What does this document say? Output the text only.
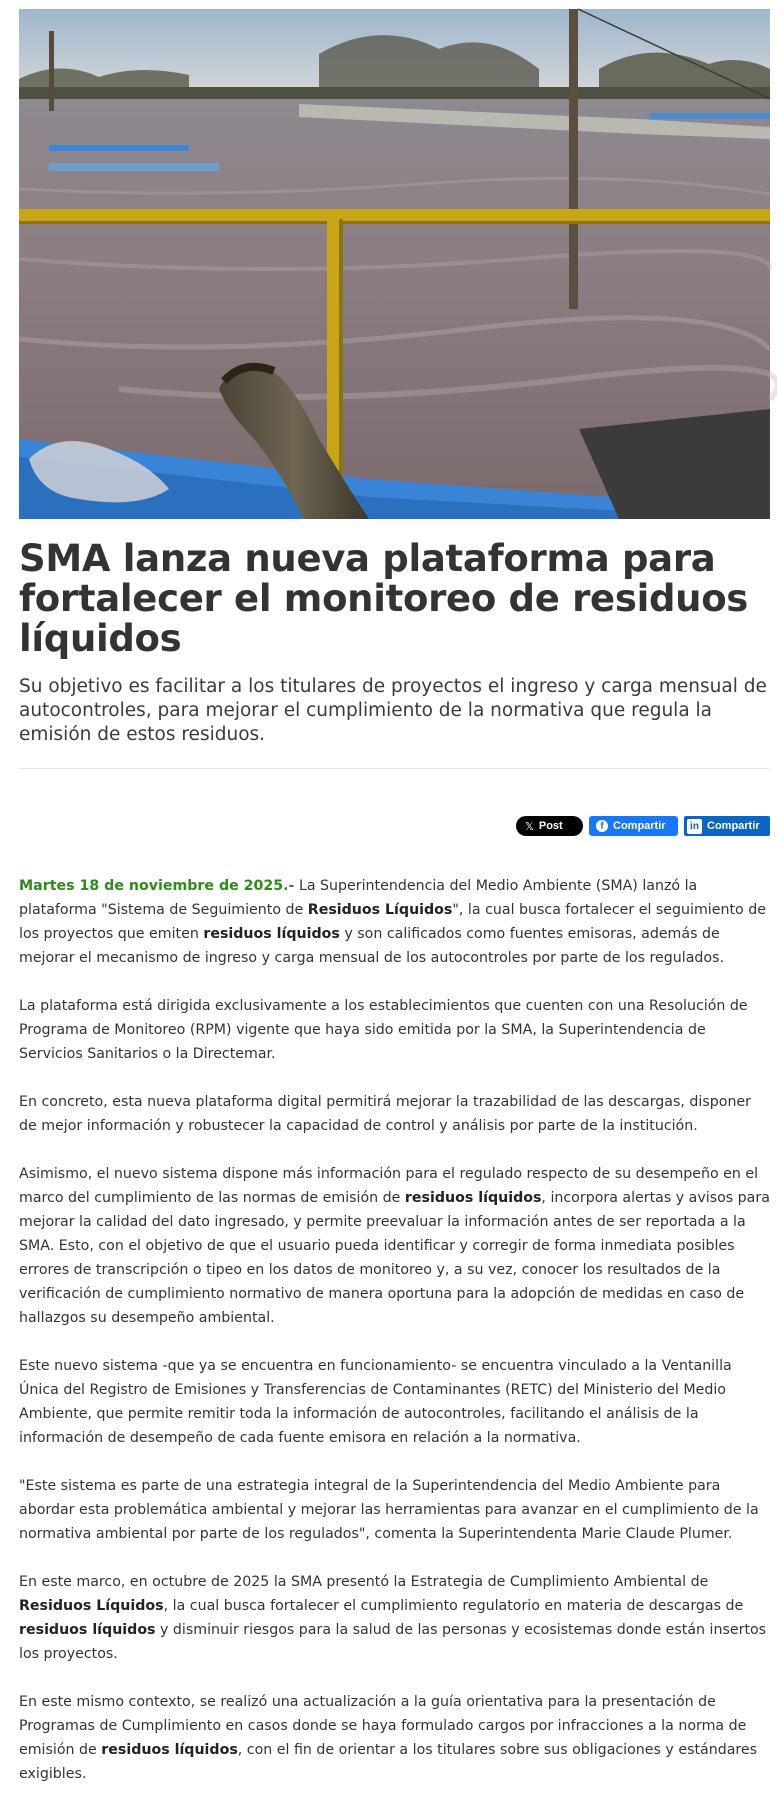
SMA lanza nueva plataforma para fortalecer el monitoreo de residuos líquidos

Su objetivo es facilitar a los titulares de proyectos el ingreso y carga mensual de autocontroles, para mejorar el cumplimiento de la normativa que regula la emisión de estos residuos.

𝕏 Post	f Compartir	in Compartir

Martes 18 de noviembre de 2025.- La Superintendencia del Medio Ambiente (SMA) lanzó la plataforma "Sistema de Seguimiento de Residuos Líquidos", la cual busca fortalecer el seguimiento de los proyectos que emiten residuos líquidos y son calificados como fuentes emisoras, además de mejorar el mecanismo de ingreso y carga mensual de los autocontroles por parte de los regulados.

La plataforma está dirigida exclusivamente a los establecimientos que cuenten con una Resolución de Programa de Monitoreo (RPM) vigente que haya sido emitida por la SMA, la Superintendencia de Servicios Sanitarios o la Directemar.

En concreto, esta nueva plataforma digital permitirá mejorar la trazabilidad de las descargas, disponer de mejor información y robustecer la capacidad de control y análisis por parte de la institución.

Asimismo, el nuevo sistema dispone más información para el regulado respecto de su desempeño en el marco del cumplimiento de las normas de emisión de residuos líquidos, incorpora alertas y avisos para mejorar la calidad del dato ingresado, y permite preevaluar la información antes de ser reportada a la SMA. Esto, con el objetivo de que el usuario pueda identificar y corregir de forma inmediata posibles errores de transcripción o tipeo en los datos de monitoreo y, a su vez, conocer los resultados de la verificación de cumplimiento normativo de manera oportuna para la adopción de medidas en caso de hallazgos su desempeño ambiental.

Este nuevo sistema -que ya se encuentra en funcionamiento- se encuentra vinculado a la Ventanilla Única del Registro de Emisiones y Transferencias de Contaminantes (RETC) del Ministerio del Medio Ambiente, que permite remitir toda la información de autocontroles, facilitando el análisis de la información de desempeño de cada fuente emisora en relación a la normativa.

"Este sistema es parte de una estrategia integral de la Superintendencia del Medio Ambiente para abordar esta problemática ambiental y mejorar las herramientas para avanzar en el cumplimiento de la normativa ambiental por parte de los regulados", comenta la Superintendenta Marie Claude Plumer.

En este marco, en octubre de 2025 la SMA presentó la Estrategia de Cumplimiento Ambiental de Residuos Líquidos, la cual busca fortalecer el cumplimiento regulatorio en materia de descargas de residuos líquidos y disminuir riesgos para la salud de las personas y ecosistemas donde están insertos los proyectos.

En este mismo contexto, se realizó una actualización a la guía orientativa para la presentación de Programas de Cumplimiento en casos donde se haya formulado cargos por infracciones a la norma de emisión de residuos líquidos, con el fin de orientar a los titulares sobre sus obligaciones y estándares exigibles.
